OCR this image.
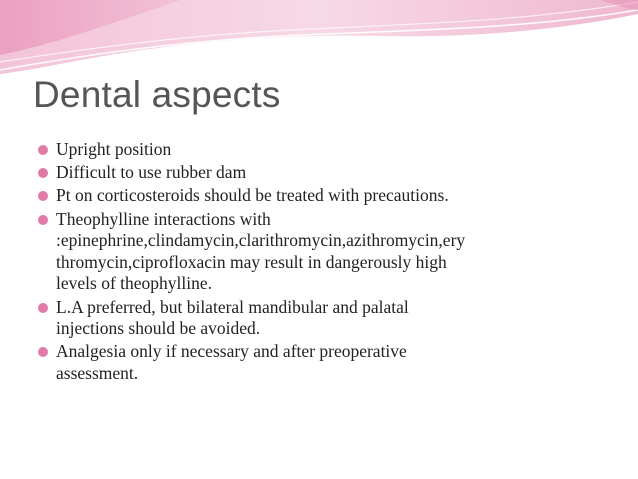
Dental aspects
Upright position
Difficult to use rubber dam
Pt on corticosteroids should be treated with precautions.
Theophylline interactions with
:epinephrine,clindamycin,clarithromycin,azithromycin,ery
thromycin,ciprofloxacin may result in dangerously high
levels of theophylline.
L.A preferred, but bilateral mandibular and palatal
injections should be avoided.
Analgesia only if necessary and after preoperative
assessment.
